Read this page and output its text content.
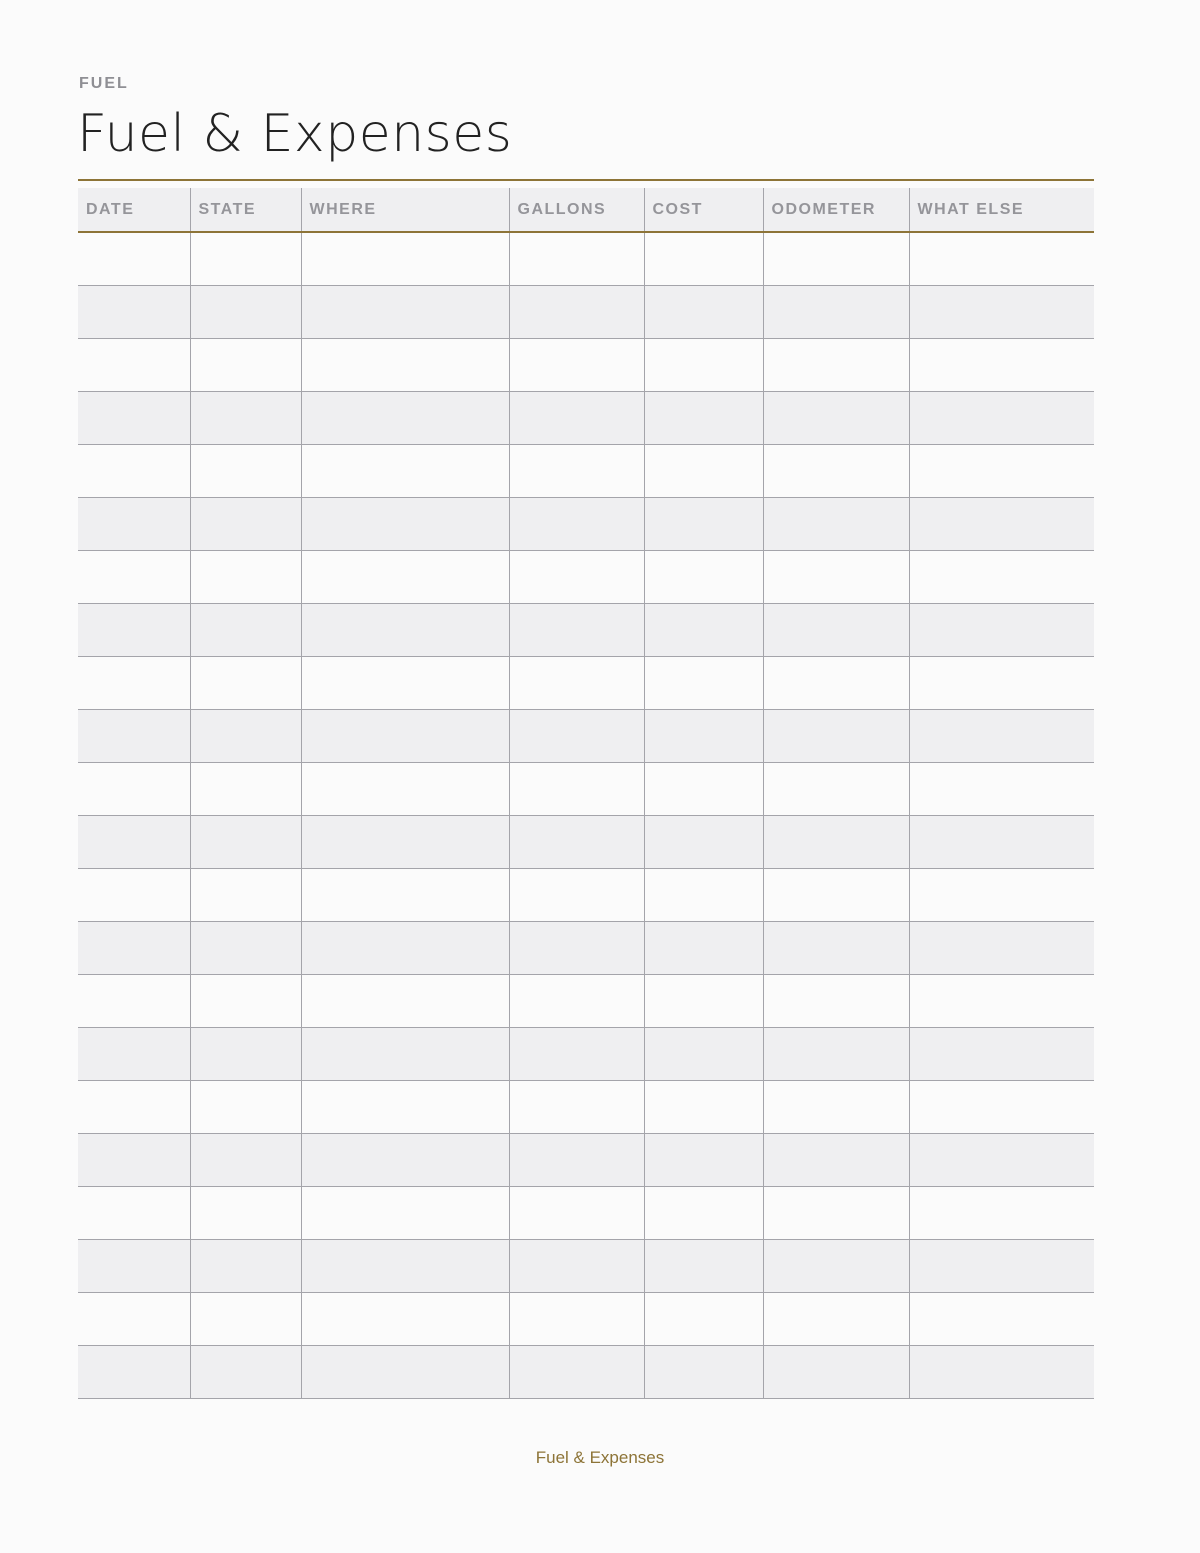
FUEL
Fuel & Expenses
DATE	STATE	WHERE	GALLONS	COST	ODOMETER	WHAT ELSE

Fuel & Expenses
